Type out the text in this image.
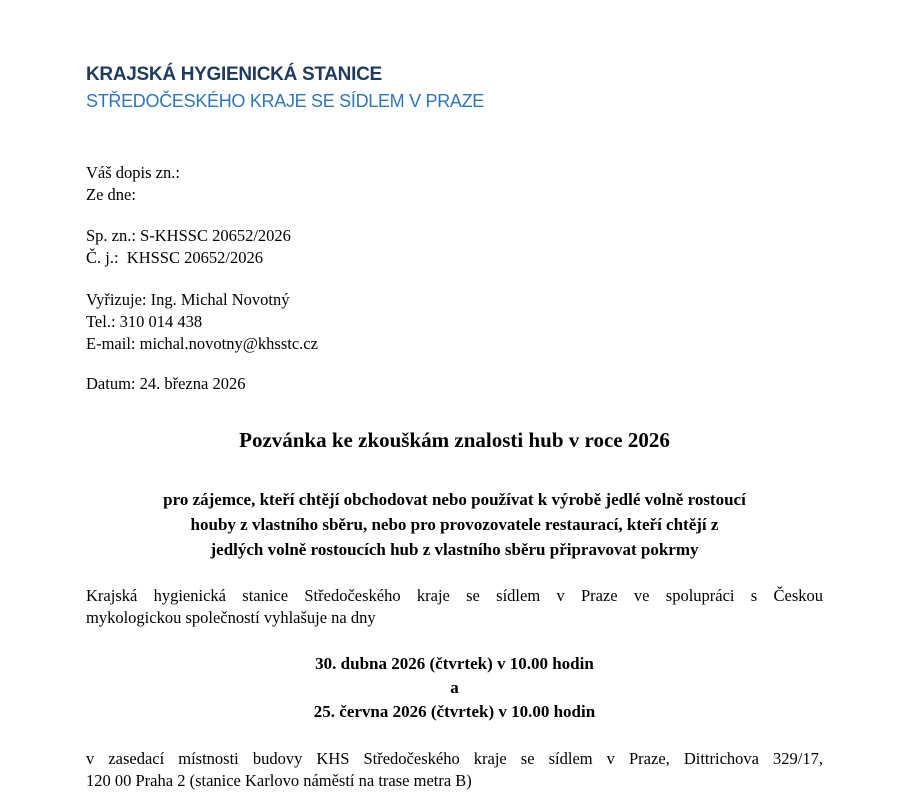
KRAJSKÁ HYGIENICKÁ STANICE
STŘEDOČESKÉHO KRAJE SE SÍDLEM V PRAZE

Váš dopis zn.:

Ze dne:

Sp. zn.: S-KHSSC 20652/2026

Č. j.:  KHSSC 20652/2026

Vyřizuje: Ing. Michal Novotný

Tel.: 310 014 438

E-mail: michal.novotny@khsstc.cz

Datum: 24. března 2026

Pozvánka ke zkouškám znalosti hub v roce 2026
pro zájemce, kteří chtějí obchodovat nebo používat k výrobě jedlé volně rostoucí
houby z vlastního sběru, nebo pro provozovatele restaurací, kteří chtějí z
jedlých volně rostoucích hub z vlastního sběru připravovat pokrmy
Krajská hygienická stanice Středočeského kraje se sídlem v Praze ve spolupráci s Českou
mykologickou společností vyhlašuje na dny

30. dubna 2026 (čtvrtek) v 10.00 hodin

a

25. června 2026 (čtvrtek) v 10.00 hodin

v zasedací místnosti budovy KHS Středočeského kraje se sídlem v Praze, Dittrichova 329/17,
120 00 Praha 2 (stanice Karlovo náměstí na trase metra B)
